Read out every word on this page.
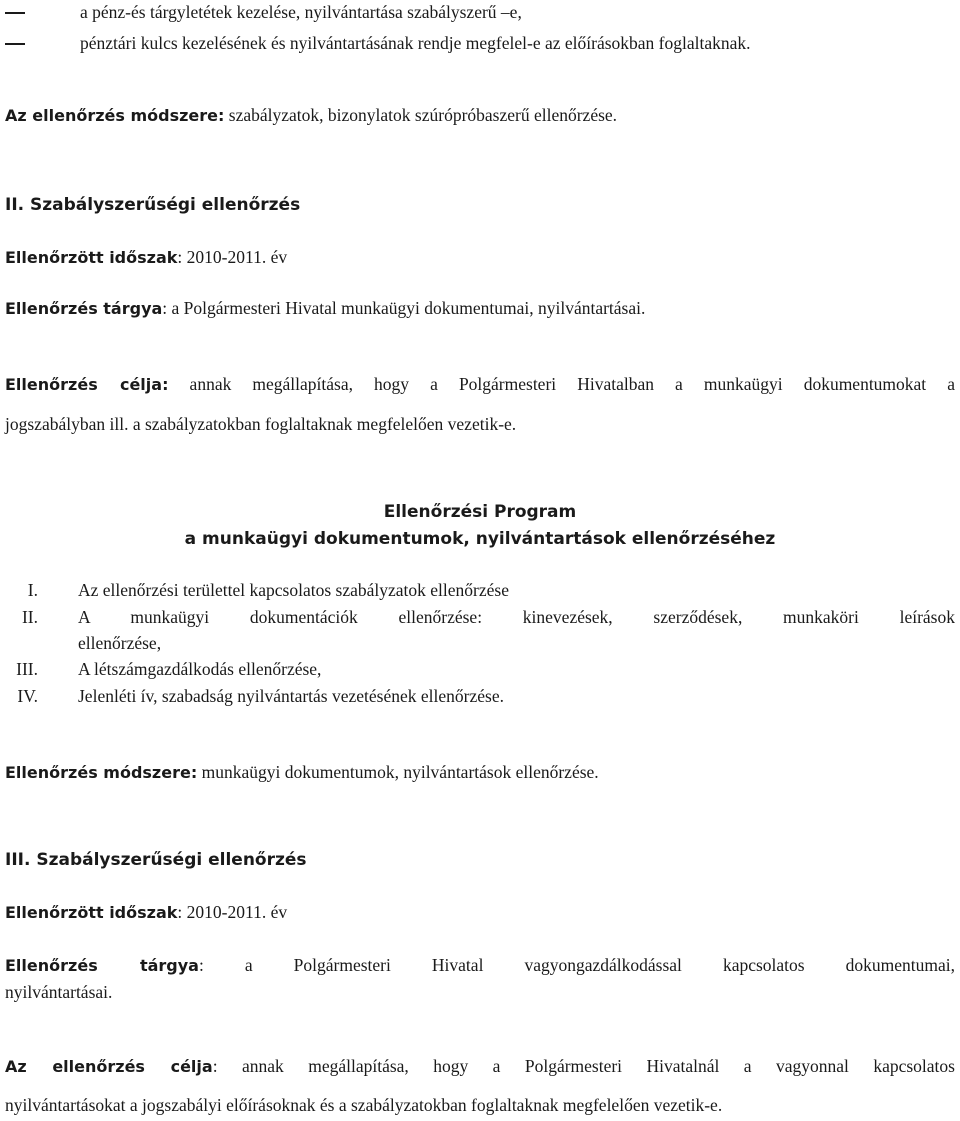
a pénz-és tárgyletétek kezelése, nyilvántartása szabályszerű –e,
pénztári kulcs kezelésének és nyilvántartásának rendje megfelel-e az előírásokban foglaltaknak.
Az ellenőrzés módszere: szabályzatok, bizonylatok szúrópróbaszerű ellenőrzése.
II. Szabályszerűségi ellenőrzés
Ellenőrzött időszak: 2010-2011. év
Ellenőrzés tárgya: a Polgármesteri Hivatal munkaügyi dokumentumai, nyilvántartásai.
Ellenőrzés célja: annak megállapítása, hogy a Polgármesteri Hivatalban a munkaügyi dokumentumokat a
jogszabályban ill. a szabályzatokban foglaltaknak megfelelően vezetik-e.
Ellenőrzési Program
a munkaügyi dokumentumok, nyilvántartások ellenőrzéséhez
I. Az ellenőrzési területtel kapcsolatos szabályzatok ellenőrzése
II. A munkaügyi dokumentációk ellenőrzése: kinevezések, szerződések, munkaköri leírások
ellenőrzése,
III. A létszámgazdálkodás ellenőrzése,
IV. Jelenléti ív, szabadság nyilvántartás vezetésének ellenőrzése.
Ellenőrzés módszere: munkaügyi dokumentumok, nyilvántartások ellenőrzése.
III. Szabályszerűségi ellenőrzés
Ellenőrzött időszak: 2010-2011. év
Ellenőrzés tárgya: a Polgármesteri Hivatal vagyongazdálkodással kapcsolatos dokumentumai,
nyilvántartásai.
Az ellenőrzés célja: annak megállapítása, hogy a Polgármesteri Hivatalnál a vagyonnal kapcsolatos
nyilvántartásokat a jogszabályi előírásoknak és a szabályzatokban foglaltaknak megfelelően vezetik-e.
